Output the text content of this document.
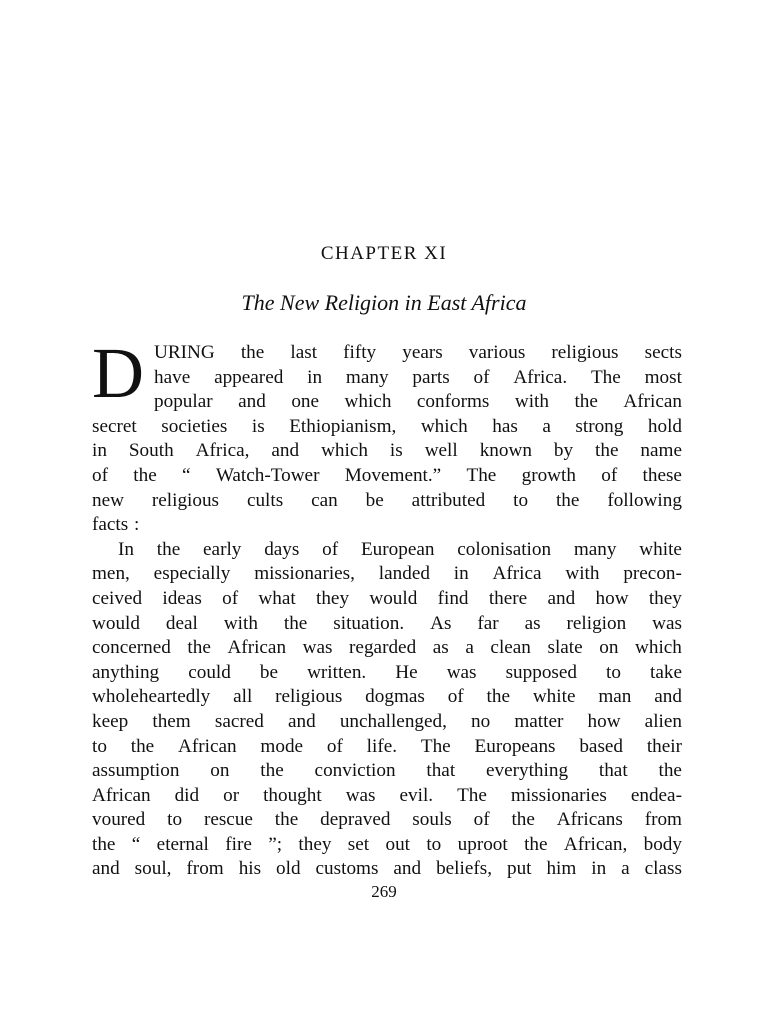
CHAPTER XI
The New Religion in East Africa
D URING the last fifty years various religious sects
have appeared in many parts of Africa. The most
popular and one which conforms with the African
secret societies is Ethiopianism, which has a strong hold
in South Africa, and which is well known by the name
of the “ Watch-Tower Movement.” The growth of these
new religious cults can be attributed to the following
facts :
In the early days of European colonisation many white
men, especially missionaries, landed in Africa with precon-
ceived ideas of what they would find there and how they
would deal with the situation. As far as religion was
concerned the African was regarded as a clean slate on which
anything could be written. He was supposed to take
wholeheartedly all religious dogmas of the white man and
keep them sacred and unchallenged, no matter how alien
to the African mode of life. The Europeans based their
assumption on the conviction that everything that the
African did or thought was evil. The missionaries endea-
voured to rescue the depraved souls of the Africans from
the “ eternal fire ”; they set out to uproot the African, body
and soul, from his old customs and beliefs, put him in a class
269
